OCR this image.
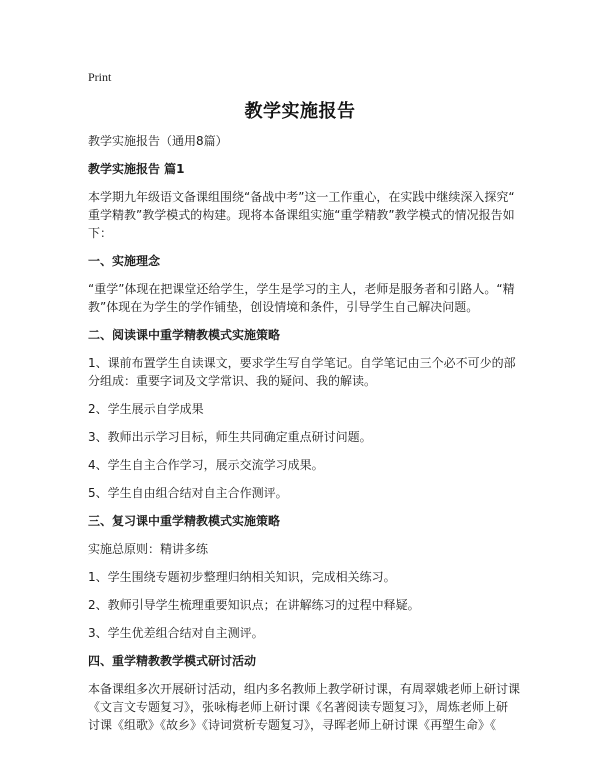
Print
教学实施报告
教学实施报告（通用8篇）
教学实施报告 篇1
本学期九年级语文备课组围绕“备战中考”这一工作重心，在实践中继续深入探究“
重学精教”教学模式的构建。现将本备课组实施“重学精教”教学模式的情况报告如
下：
一、实施理念
“重学”体现在把课堂还给学生，学生是学习的主人，老师是服务者和引路人。“精
教”体现在为学生的学作铺垫，创设情境和条件，引导学生自己解决问题。
二、阅读课中重学精教模式实施策略
1、课前布置学生自读课文，要求学生写自学笔记。自学笔记由三个必不可少的部
分组成：重要字词及文学常识、我的疑问、我的解读。
2、学生展示自学成果
3、教师出示学习目标，师生共同确定重点研讨问题。
4、学生自主合作学习，展示交流学习成果。
5、学生自由组合结对自主合作测评。
三、复习课中重学精教模式实施策略
实施总原则：精讲多练
1、学生围绕专题初步整理归纳相关知识，完成相关练习。
2、教师引导学生梳理重要知识点；在讲解练习的过程中释疑。
3、学生优差组合结对自主测评。
四、重学精教教学模式研讨活动
本备课组多次开展研讨活动，组内多名教师上教学研讨课，有周翠娥老师上研讨课
《文言文专题复习》，张咏梅老师上研讨课《名著阅读专题复习》，周炼老师上研
讨课《组歌》《故乡》《诗词赏析专题复习》，寻晖老师上研讨课《再塑生命》《
